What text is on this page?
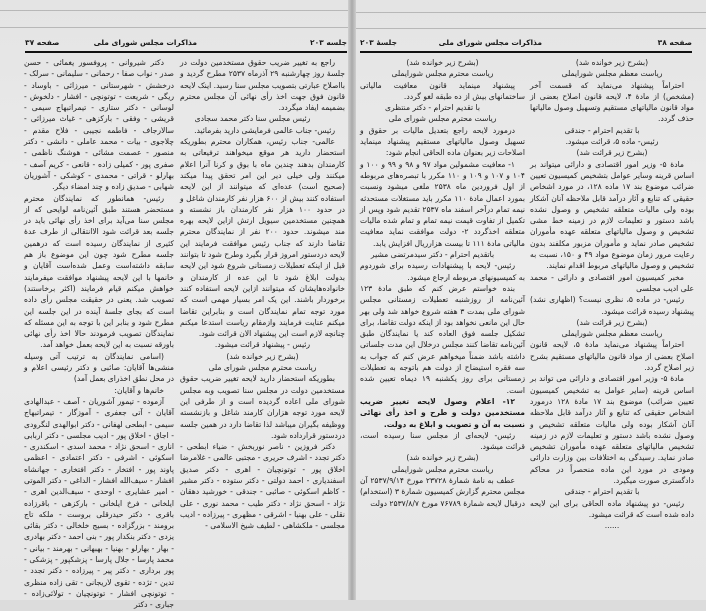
جلسه ۲۰۳
مذاکرات مجلس شورای ملی
صفحه ۳۷

راجع به تغییر ضریب حقوق مستخدمین دولت در جلسهٔ روز چهارشنبه ۲۹ آذرماه ۲۵۳۷ مطرح گردید و بااصلاح عبارتی بتصویب مجلس سنا رسید. اینک لایحه قانون فوق جهت اخذ رأی نهائی آن مجلس محترم بضمیمه ایفاد میگردد.

رئیس مجلس سنا دکتر محمد سجادی

رئیس- جناب عالمی فرمایشی دارید بفرمائید.

عالمی- جناب رئیس، همکاران محترم بطوریکه استحضار دارید هر موقع میخواهند ترفیعاتی به کارمندان بدهند چندین ماه با بوق و کرنا آنرا اعلام میکنند ولی خیلی دیر این امر تحقق پیدا میکند (صحیح است) عده‌ای که میتوانند از این لایحه استفاده کنند بیش از ۶۰۰ هزار نفر کارمندان شاغل و در حدود ۱۰۰ هزار نفر کارمندان باز نشسته و همچنین مستخدمین سیویل ارتش ازاین لایحه بهره مند میشوند. حدود ۲۰۰ نفر از نمایندگان محترم تقاضا دارند که جناب رئیس موافقت فرمایند این لایحه دردستور امروز قرار بگیرد وطرح شود تا بتوانند قبل از اینکه تعطیلات زمستانی شروع شود این لایحه بدولت ابلاغ شود تا این عده از کارمندان و خانواده‌هایشان که میتوانند ازاین لایحه استفاده کنند برخوردار باشند. این یک امر بسیار مهمی است که مورد توجه تمام نمایندگان است و بنابراین تقاضا میکنم عنایت فرمایند وازمقام ریاست استدعا میکنم چنانچه لازم است این پیشنهاد الان قرائت شود.

رئیس - پیشنهاد قرائت میشود.

(بشرح زیر خوانده شد)

ریاست محترم مجلس شورای ملی

بطوریکه استحضار دارید لایحه تغییر ضریب حقوق مستخدمین دولت در مجلس سنا تصویب وبه مجلس شورای ملی اعاده گردیده است و از طرفی این لایحه مورد توجه هزاران کارمند شاغل و بازنشسته ووظیفه بگیران میباشد لذا تقاضا دارد در همین جلسه دردستور قرارداده شود.

دکتر فروزین - ناصر نوربخش - ضیاء ابطحی - دکتر تجدد - اشرف حریری - مجتبی عالمی - غلامرضا اخلاق پور - توتونچیان - اهری - دکتر صدیق اسفندیاری - احمد دولتی - دکتر ستوده - دکتر مشیر - کاظم اسکوئی - صائبی - جندقی - خورشید دهقان نژاد - اسحق نژاد - دکتر طیب - محمد نوری - علی نقلی - علی بهنیا - اشرقی - مظهری - پیرزاده - ادیب مجلسی - ملکشاهی - لطیف شیخ الاسلامی -

دکتر شیروانی - پروفسور یغمائی - حسن صدر - نواب صفا - رحمانی - سلیمانی - سرلک - درخشش - شهرستانی - میرزائی - باوساد - ریگی - شریعت - توتونچی - افشار - دلخوش - لوسانی - دکتر ستاری - تیمراتبهاج سیمی - قریشی - وفقی - بارکزهی - غیاث میرزائی - سالارجاف - فاطمه نجیبی - فلاح مقدم - چلاجوی - بیات - محمد عاملی - دانشی - دکتر منصور - عصمت مشائی - هوشنگ ناظمی - صفری پور - کمیلی زاده - قانعی - کریم آصف - بهارلو - قراتی - محمدی - کوشکی - آشوریان شهابی - صدیق زاده و چند امضاء دیگر.

رئیس- همانطور که نمایندگان محترم مستحضر هستند طبق آئین‌نامه لوایحی که از مجلس سنا می‌آید برای اخذ رأی نهائی باید در جلسه بعد قرائت شود الاانتقالی از طرف عدهٔ کثیری از نمایندگان رسیده است که درهمین جلسه مطرح شود چون این موضوع باز هم سابقه داشته‌است وعمل شده‌است آقایان و خانمها با این لایحه پیشنهاد موافقت میفرمایند خواهش میکنم قیام فرمایند (اکثر برخاستند) تصویب شد. یعنی در حقیقت مجلس رأی داده است که بجای جلسهٔ آینده در این جلسه این مطرح شود و بنابر این با توجه به این مسئله که نمایندگان تصویب فرمودند حالا اخذ رأی نهائی باورقه نسبت به این لایحه بعمل خواهد آمد.

(اسامی نمایندگان به ترتیب آتی وسیله منشی‌ها آقایان: صائبی و دکتر رئیسی اعلام و در محل نطق اخذرای بعمل آمد)

خانم‌ها و آقایان:

آزموده - تیمور آشوریان - آصف - عبدالهادی آقایان - آتی جعفری - آموزگار - تیمراتبهاج سیمی - ابطحی لهفانی - دکتر ابوالهدی لنگرودی - اجاق - اخلاق پور - ادیب مجلسی - دکتر اربابی اناری - اسحق نژاد - محمد اسدی - اسکندری - اسکوئی - اشرفی - دکتر اعتمادی - اعظمی پاوند پور - افتخار - دکتر افتخاری - جهانشاه افشار - سیف‌الله افشار - الداغی - دکتر الموتی - امیر عشایری - اوحدی - سیف‌الدین اهری - ایلخانی - فرخ ایلخانی - بارکزهی - باقرزاده باقری - دکتر حیدرقلی بروست - ملکه تاج برومند - بزرگزاده - بسیج خلخالی - دکتر بقائی یزدی - دکتر بنکدار پور - بنی احمد - دکتر بهادری - بهار - بهارلو - بهنیا - بهبهانی - بهرمند - بیانی - محمد پارسا - جلال پارسا - پزشکپور - پزشکی - پور برداری - دکتر پیر - پیرزاده - دکتر تجدد - تدین - تژده - تقوی لاریجانی - تقی زاده منظری - توتونچی افشار - توتونچیان - تولائی‌زاده - جباری - دکتر

صفحه ۳۸
مذاکرات مجلس شورای ملی
جلسهٔ ۲۰۳

(بشرح زیر خوانده شد)

ریاست معظم مجلس شورایملی

احتراماً پیشنهاد می‌نماید که قسمت آخر (مشخص) از مادهٔ ۴، لایحه قانون اصلاح بعضی از مواد قانون مالیاتهای مستقیم وتسهیل وصول مالیاتها حذف گردد.

با تقدیم احترام - جندقی

رئیس- ماده ۵، قرائت میشود.

(بشرح زیر قرائت شد)

مادهٔ ۵- وزیر امور اقتصادی و دارائی میتواند بر اساس قرینه وسایر عوامل بتشخیص کمیسیون تعیین ضرائب موضوع بند ۱۷ ماده ۱۲۸، در مورد اشخاص حقیقی که تنابع و آثار درآمد قابل ملاحظه آنان آشکار بوده ولی مالیات متعلقه تشخیص و وصول نشده باشد دستور و تعلیمات لازم در زمینه خط مشی تشخیص و وصول مالیاتهای متعلقه عهده مأموران تشخیص صادر نماید و مأموران مزبور مکلفند بدون رعایت مرور زمان موضوع مواد ۴۹ و ۱۵۰، نسبت به تشخیص و وصول مالیاتهای مربوط اقدام نمایند.

مخبر کمیسیون امور اقتصادی و دارائی - محمد علی ادیب مجلسی

رئیس- در ماده ۵، نظری نیست؟ (اظهاری نشد) پیشنهاد رسیده قرائت میشود.

(بشرح زیر قرائت شد)

ریاست معظم مجلس شورایملی

احتراماً پیشنهاد می‌نماید مادهٔ ۵، لایحه قانون اصلاح بعضی از مواد قانون مالیاتهای مستقیم بشرح زیر اصلاح گردد.

مادهٔ ۵- وزیر امور اقتصادی و دارائی می تواند بر اساس قرینه (سایر عوامل به تشخیص کمیسیون تعیین ضرائب) موضوع بند ۱۷ مادهٔ ۱۲۸ درمورد اشخاص حقیقی که تنابع و آثار درآمد قابل ملاحظه آنان آشکار بوده ولی مالیات متعلقه تشخیص و وصول نشده باشد دستور و تعلیمات لازم در زمینه تشخیص مالیاتهای متعلقه عهده مأموران تشخیص صادر نماید. رسیدگی به اختلافات بین وزارت دارائی ومودی در مورد این ماده منحصراً در محاکم دادگستری صورت میگیرد.

با تقدیم احترام - جندقی

رئیس- دو پیشنهاد ماده الحاقی برای این لایحه داده شده است که قرائت میشود.

......

(بشرح زیر خوانده شد)

ریاست محترم مجلس شورایملی

پیشنهاد مینماید قانون معافیت مالیاتی ساختمانهای بیش از ده طبقه لغو گردد.

با تقدیم احترام - دکتر منتظری

ریاست محترم مجلس شورای ملی

درمورد لایحه راجع بتعدیل مالیات بر حقوق و تسهیل وصول مالیاتهای مستقیم پیشنهاد مینماید اصلاحات زیر بعنوان ماده الحاقی انجام شود:

۱- معافیت مشمولین مواد ۹۷ و ۹۸ و ۹۹ و ۱۰۰ و ۱۰۴ و ۱۰۷ و ۱۰۹ و ۱۱۰ مکرر با تبصره‌های مربوطه از اول فروردین ماه ۲۵۳۸ ملغی میشود ونسبت بمورد اعمال مادهٔ ۱۱۰ مکرر باید مستغلات مستحدثه نیمه تمام درآخر اسفند ماه ۲۵۳۷ تقدیم شود وپس از تکمیل از تفاوت قیمت نیمه تمام و تمام شده مالیات متعلقه اخذگردد ۲- دولت موافقت نماید معافیت مالیاتی مادهٔ ۱۱۱ تا بیست هزارریال افزایش یابد.

باتقدیم احترام - دکتر سیدمرتضی مشیر

رئیس- لایحه با پیشنهادات رسیده برای شوردوم به کمیسیونهای مربوطه ارجاع میشود.

بنده خواستم عرض کنم که طبق مادهٔ ۱۲۳ آئین‌نامه از روزشنبه تعطیلات زمستانی مجلس شورای ملی بمدت ۳ هفته شروع خواهد شد ولی بهر حال این مانعی نخواهد بود از اینکه دولت تقاضا، برای تشکیل جلسه فوق العاده کند یا نمایندگان طبق آئین‌نامه تقاضا کنند مجلس درخلال این مدت جلساتی داشته باشد ضمناً میخواهم عرض کنم که جواب به سه فقره استیضاح از دولت هم باتوجه به تعطیلات زمستانی برای روز یکشنبه ۱۹ دیماه تعیین شده است.

۱۲- اعلام وصول لایحه تغییر ضریب مستخدمین دولت و طرح و اخذ رأی نهائی نسبت به آن و تصویب و ابلاغ به دولت.

رئیس- لایحه‌ای از مجلس سنا رسیده است، قرائت میشود.

(بشرح زیر خوانده شد)

ریاست محترم مجلس شورایملی

عطف به نامهٔ شمارهٔ ۲۳۷۲۸ مورخ ۲۵۳۷/۹/۱۴ آن مجلس محترم گزارش کمیسیون شمارهٔ ۳ (استخدام) درقبال لایحه شمارهٔ ۷۶۷۸۹ مورخ ۲۵۳۷/۸/۷ دولت
